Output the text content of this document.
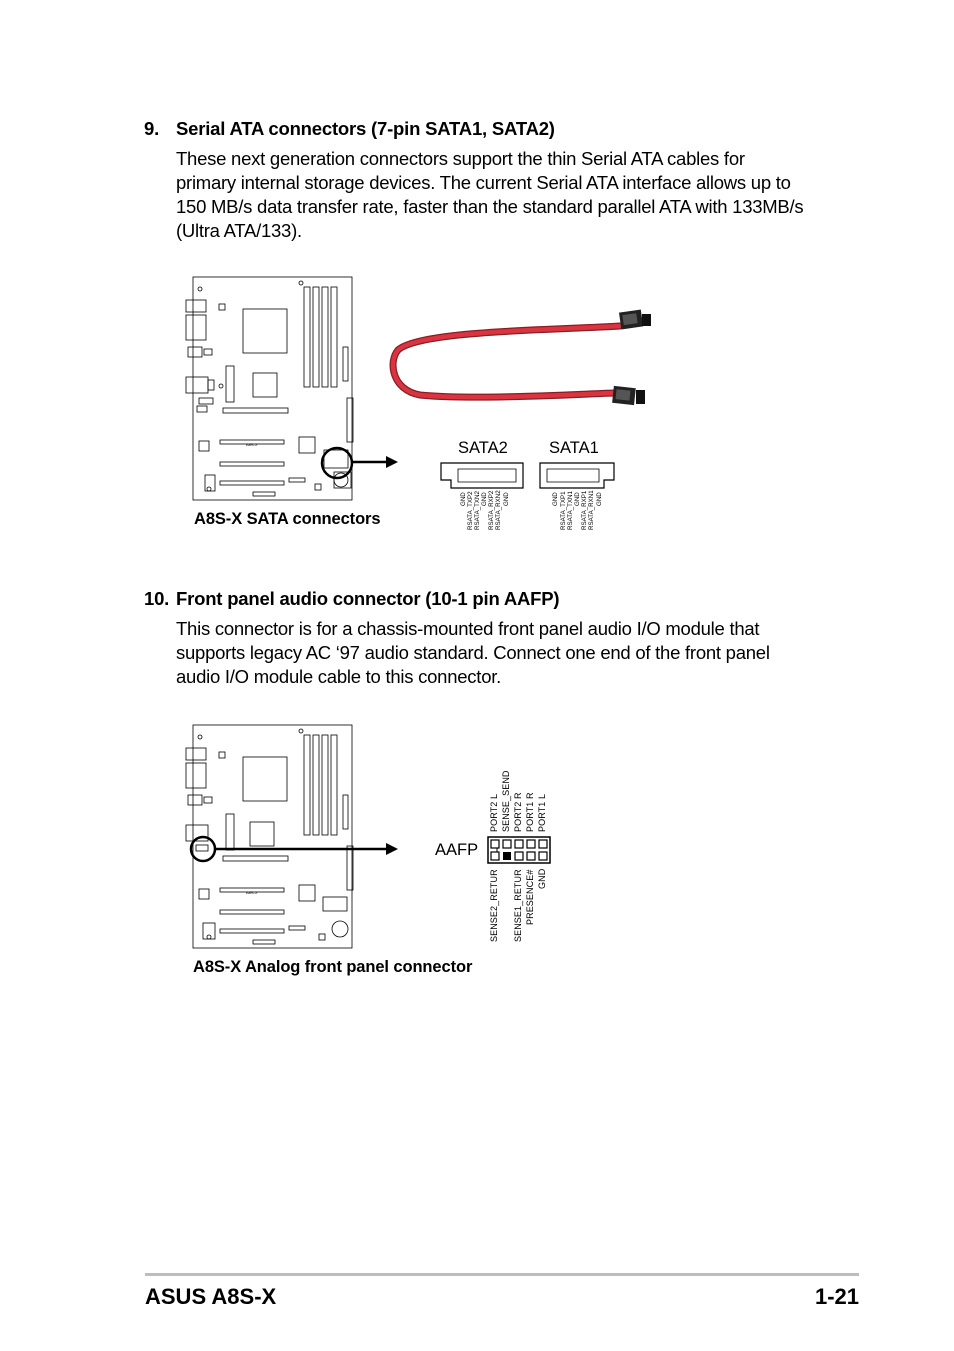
9. Serial ATA connectors (7-pin SATA1, SATA2)
These next generation connectors support the thin Serial ATA cables for
primary internal storage devices. The current Serial ATA interface allows up to
150 MB/s data transfer rate, faster than the standard parallel ATA with 133MB/s
(Ultra ATA/133).
A8S-X	SATA2 SATA1
GND RSATA_TXP2 RSATA_TXN2 GND RSATA_RXP2 RSATA_RXN2 GND	GND RSATA_TXP1 RSATA_TXN1 GND RSATA_RXP1 RSATA_RXN1 GND
A8S-X SATA connectors
10. Front panel audio connector (10-1 pin AAFP)
This connector is for a chassis-mounted front panel audio I/O module that
supports legacy AC ‘97 audio standard. Connect one end of the front panel
audio I/O module cable to this connector.
A8S-X
AAFP
PORT2 L SENSE_SEND PORT2 R PORT1 R PORT1 L
SENSE2_RETUR SENSE1_RETUR PRESENCE# GND
A8S-X Analog front panel connector
ASUS A8S-X	1-21
